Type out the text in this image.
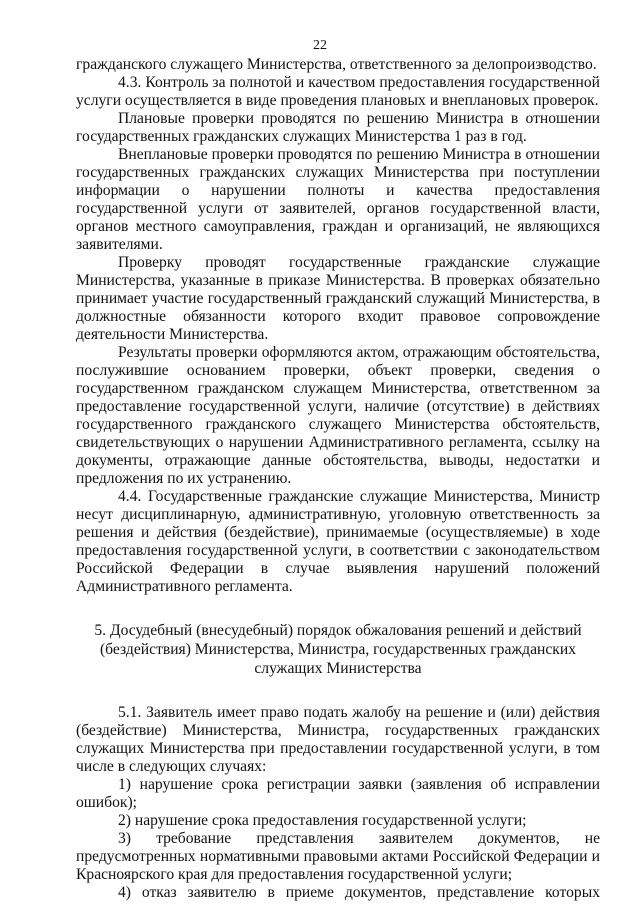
22

гражданского служащего Министерства, ответственного за делопроизводство.

4.3. Контроль за полнотой и качеством предоставления государственной услуги осуществляется в виде проведения плановых и внеплановых проверок.

Плановые проверки проводятся по решению Министра в отношении государственных гражданских служащих Министерства 1 раз в год.

Внеплановые проверки проводятся по решению Министра в отношении государственных гражданских служащих Министерства при поступлении информации о нарушении полноты и качества предоставления государственной услуги от заявителей, органов государственной власти, органов местного самоуправления, граждан и организаций, не являющихся заявителями.

Проверку проводят государственные гражданские служащие Министерства, указанные в приказе Министерства. В проверках обязательно принимает участие государственный гражданский служащий Министерства, в должностные обязанности которого входит правовое сопровождение деятельности Министерства.

Результаты проверки оформляются актом, отражающим обстоятельства, послужившие основанием проверки, объект проверки, сведения о государственном гражданском служащем Министерства, ответственном за предоставление государственной услуги, наличие (отсутствие) в действиях государственного гражданского служащего Министерства обстоятельств, свидетельствующих о нарушении Административного регламента, ссылку на документы, отражающие данные обстоятельства, выводы, недостатки и предложения по их устранению.

4.4. Государственные гражданские служащие Министерства, Министр несут дисциплинарную, административную, уголовную ответственность за решения и действия (бездействие), принимаемые (осуществляемые) в ходе предоставления государственной услуги, в соответствии с законодательством Российской Федерации в случае выявления нарушений положений Административного регламента.

5. Досудебный (внесудебный) порядок обжалования решений и действий (бездействия) Министерства, Министра, государственных гражданских служащих Министерства

5.1. Заявитель имеет право подать жалобу на решение и (или) действия (бездействие) Министерства, Министра, государственных гражданских служащих Министерства при предоставлении государственной услуги, в том числе в следующих случаях:

1) нарушение срока регистрации заявки (заявления об исправлении ошибок);

2) нарушение срока предоставления государственной услуги;

3) требование представления заявителем документов, не предусмотренных нормативными правовыми актами Российской Федерации и Красноярского края для предоставления государственной услуги;

4) отказ заявителю в приеме документов, представление которых
